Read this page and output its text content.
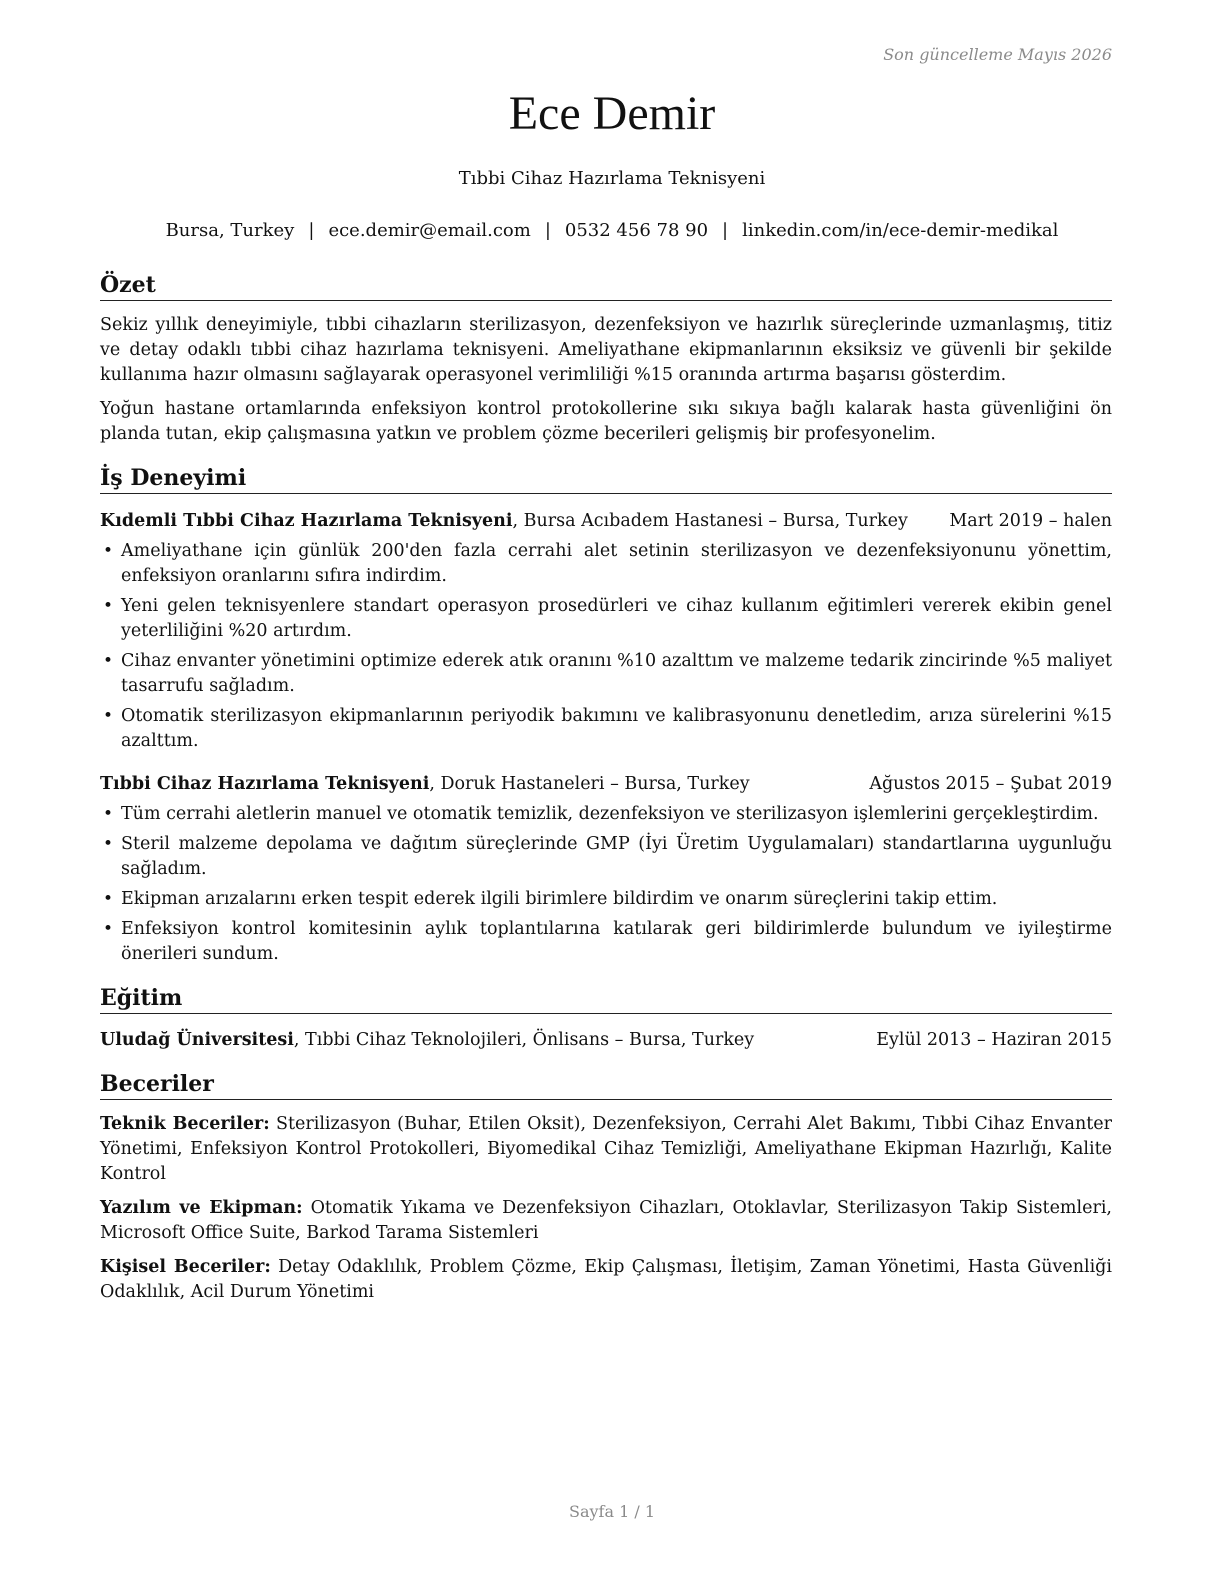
Son güncelleme Mayıs 2026
Ece Demir
Tıbbi Cihaz Hazırlama Teknisyeni
Bursa, Turkey | ece.demir@email.com | 0532 456 78 90 | linkedin.com/in/ece-demir-medikal
Özet

Sekiz yıllık deneyimiyle, tıbbi cihazların sterilizasyon, dezenfeksiyon ve hazırlık süreçlerinde uzmanlaşmış, titiz ve detay odaklı tıbbi cihaz hazırlama teknisyeni. Ameliyathane ekipmanlarının eksiksiz ve güvenli bir şekilde kullanıma hazır olmasını sağlayarak operasyonel verimliliği %15 oranında artırma başarısı gösterdim.

Yoğun hastane ortamlarında enfeksiyon kontrol protokollerine sıkı sıkıya bağlı kalarak hasta güvenliğini ön planda tutan, ekip çalışmasına yatkın ve problem çözme becerileri gelişmiş bir profesyonelim.

İş Deneyimi
Kıdemli Tıbbi Cihaz Hazırlama Teknisyeni, Bursa Acıbadem Hastanesi – Bursa, Turkey Mart 2019 – halen
• Ameliyathane için günlük 200'den fazla cerrahi alet setinin sterilizasyon ve dezenfeksiyonunu yönettim, enfeksiyon oranlarını sıfıra indirdim.
• Yeni gelen teknisyenlere standart operasyon prosedürleri ve cihaz kullanım eğitimleri vererek ekibin genel yeterliliğini %20 artırdım.
• Cihaz envanter yönetimini optimize ederek atık oranını %10 azalttım ve malzeme tedarik zincirinde %5 maliyet tasarrufu sağladım.
• Otomatik sterilizasyon ekipmanlarının periyodik bakımını ve kalibrasyonunu denetledim, arıza sürelerini %15 azalttım.
Tıbbi Cihaz Hazırlama Teknisyeni, Doruk Hastaneleri – Bursa, Turkey	Ağustos 2015 – Şubat 2019
• Tüm cerrahi aletlerin manuel ve otomatik temizlik, dezenfeksiyon ve sterilizasyon işlemlerini gerçekleştirdim.
• Steril malzeme depolama ve dağıtım süreçlerinde GMP (İyi Üretim Uygulamaları) standartlarına uygunluğu sağladım.
• Ekipman arızalarını erken tespit ederek ilgili birimlere bildirdim ve onarım süreçlerini takip ettim.
• Enfeksiyon kontrol komitesinin aylık toplantılarına katılarak geri bildirimlerde bulundum ve iyileştirme önerileri sundum.
Eğitim
Uludağ Üniversitesi, Tıbbi Cihaz Teknolojileri, Önlisans – Bursa, Turkey	Eylül 2013 – Haziran 2015
Beceriler

Teknik Beceriler: Sterilizasyon (Buhar, Etilen Oksit), Dezenfeksiyon, Cerrahi Alet Bakımı, Tıbbi Cihaz Envanter Yönetimi, Enfeksiyon Kontrol Protokolleri, Biyomedikal Cihaz Temizliği, Ameliyathane Ekipman Hazırlığı, Kalite Kontrol

Yazılım ve Ekipman: Otomatik Yıkama ve Dezenfeksiyon Cihazları, Otoklavlar, Sterilizasyon Takip Sistemleri, Microsoft Office Suite, Barkod Tarama Sistemleri

Kişisel Beceriler: Detay Odaklılık, Problem Çözme, Ekip Çalışması, İletişim, Zaman Yönetimi, Hasta Güvenliği Odaklılık, Acil Durum Yönetimi

Sayfa 1 / 1
